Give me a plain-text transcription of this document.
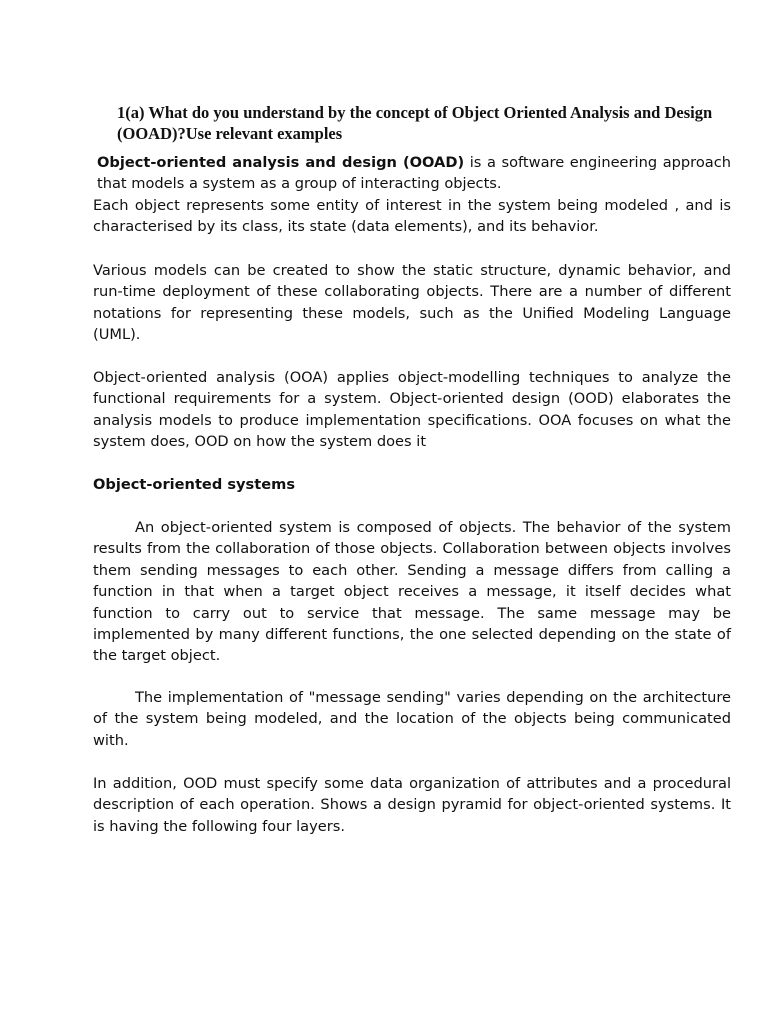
1(a) What do you understand by the concept of Object Oriented Analysis and Design (OOAD)?Use relevant examples

Object-oriented analysis and design (OOAD) is a software engineering approach that models a system as a group of interacting objects.

Each object represents some entity of interest in the system being modeled , and is characterised by its class, its state (data elements), and its behavior.

Various models can be created to show the static structure, dynamic behavior, and run-time deployment of these collaborating objects. There are a number of different notations for representing these models, such as the Unified Modeling Language (UML).

Object-oriented analysis (OOA) applies object-modelling techniques to analyze the functional requirements for a system. Object-oriented design (OOD) elaborates the analysis models to produce implementation specifications. OOA focuses on what the system does, OOD on how the system does it

Object-oriented systems

An object-oriented system is composed of objects. The behavior of the system results from the collaboration of those objects. Collaboration between objects involves them sending messages to each other. Sending a message differs from calling a function in that when a target object receives a message, it itself decides what function to carry out to service that message. The same message may be implemented by many different functions, the one selected depending on the state of the target object.

The implementation of "message sending" varies depending on the architecture of the system being modeled, and the location of the objects being communicated with.

In addition, OOD must specify some data organization of attributes and a procedural description of each operation. Shows a design pyramid for object-oriented systems. It is having the following four layers.
